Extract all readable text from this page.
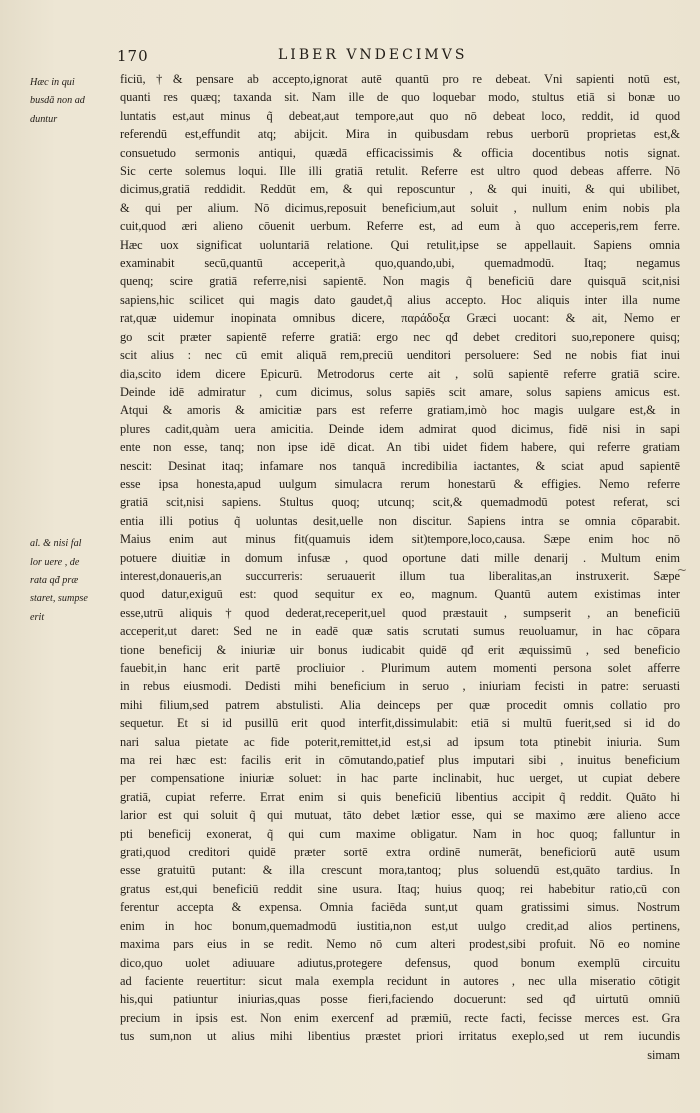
170	LIBER VNDECIMVS
Hæc in qui
busdā non ad
duntur
al. & nisi fal
lor uere , de
rata qđ præ
staret, sumpse
erit
ficiū,†& pensare ab accepto,ignorat autē quantū pro re debeat. Vni sapienti notū est,
quanti res quæq; taxanda sit. Nam ille de quo loquebar modo, stultus etiā si bonæ uo
luntatis est,aut minus q̃ debeat,aut tempore,aut quo nō debeat loco, reddit, id quod
referendū est,effundit atq; abijcit. Mira in quibusdam rebus uerborū proprietas est,&
consuetudo sermonis antiqui, quædā efficacissimis & officia docentibus notis signat.
Sic certe solemus loqui. Ille illi gratiā retulit. Referre est ultro quod debeas afferre. Nō
dicimus,gratiā reddidit. Reddūt em, & qui reposcuntur , & qui inuiti, & qui ubilibet,
& qui per alium. Nō dicimus,reposuit beneficium,aut soluit , nullum enim nobis pla
cuit,quod æri alieno cōuenit uerbum. Referre est, ad eum à quo acceperis,rem ferre.
Hæc uox significat uoluntariā relatione. Qui retulit,ipse se appellauit. Sapiens omnia
examinabit secū,quantū acceperit,à quo,quando,ubi, quemadmodū. Itaq; negamus
quenq; scire gratiā referre,nisi sapientē. Non magis q̃ beneficiū dare quisquā scit,nisi
sapiens,hic scilicet qui magis dato gaudet,q̃ alius accepto. Hoc aliquis inter illa nume
rat,quæ uidemur inopinata omnibus dicere, παράδοξα Græci uocant: & ait, Nemo er
go scit præter sapientē referre gratiā: ergo nec qđ debet creditori suo,reponere quisq;
scit alius : nec cū emit aliquā rem,preciū uenditori persoluere: Sed ne nobis fiat inui
dia,scito idem dicere Epicurū. Metrodorus certe ait , solū sapientē referre gratiā scire.
Deinde idē admiratur , cum dicimus, solus sapiēs scit amare, solus sapiens amicus est.
Atqui & amoris & amicitiæ pars est referre gratiam,imò hoc magis uulgare est,& in
plures cadit,quàm uera amicitia. Deinde idem admirat quod dicimus, fidē nisi in sapi
ente non esse, tanq; non ipse idē dicat. An tibi uidet fidem habere, qui referre gratiam
nescit: Desinat itaq; infamare nos tanquā incredibilia iactantes, & sciat apud sapientē
esse ipsa honesta,apud uulgum simulacra rerum honestarū & effigies. Nemo referre
gratiā scit,nisi sapiens. Stultus quoq; utcunq; scit,& quemadmodū potest referat, sci
entia illi potius q̃ uoluntas desit,uelle non discitur. Sapiens intra se omnia cōparabit.
Maius enim aut minus fit(quamuis idem sit)tempore,loco,causa. Sæpe enim hoc nō
potuere diuitiæ in domum infusæ , quod oportune dati mille denarij . Multum enim
interest,donaueris,an succurreris: seruauerit illum tua liberalitas,an instruxerit. Sæpe
quod datur,exiguū est: quod sequitur ex eo, magnum. Quantū autem existimas inter
esse,utrū aliquis†quod dederat,receperit,uel quod præstauit , sumpserit , an beneficiū
acceperit,ut daret: Sed ne in eadē quæ satis scrutati sumus reuoluamur, in hac cōpara
tione beneficij & iniuriæ uir bonus iudicabit quidē qđ erit æquissimū , sed beneficio
fauebit,in hanc erit partē procliuior . Plurimum autem momenti persona solet afferre
in rebus eiusmodi. Dedisti mihi beneficium in seruo , iniuriam fecisti in patre: seruasti
mihi filium,sed patrem abstulisti. Alia deinceps per quæ procedit omnis collatio pro
sequetur. Et si id pusillū erit quod interfit,dissimulabit: etiā si multū fuerit,sed si id do
nari salua pietate ac fide poterit,remittet,id est,si ad ipsum tota ptinebit iniuria. Sum
ma rei hæc est: facilis erit in cōmutando,patief plus imputari sibi , inuitus beneficium
per compensatione iniuriæ soluet: in hac parte inclinabit, huc uerget, ut cupiat debere
gratiā, cupiat referre. Errat enim si quis beneficiū libentius accipit q̃ reddit. Quāto hi
larior est qui soluit q̃ qui mutuat, tāto debet lætior esse, qui se maximo ære alieno acce
pti beneficij exonerat, q̃ qui cum maxime obligatur. Nam in hoc quoq; falluntur in
grati,quod creditori quidē præter sortē extra ordinē numerāt, beneficiorū autē usum
esse gratuitū putant: & illa crescunt mora,tantoq; plus soluendū est,quāto tardius. In
gratus est,qui beneficiū reddit sine usura. Itaq; huius quoq; rei habebitur ratio,cū con
ferentur accepta & expensa. Omnia faciēda sunt,ut quam gratissimi simus. Nostrum
enim in hoc bonum,quemadmodū iustitia,non est,ut uulgo credit,ad alios pertinens,
maxima pars eius in se redit. Nemo nō cum alteri prodest,sibi profuit. Nō eo nomine
dico,quo uolet adiuuare adiutus,protegere defensus, quod bonum exemplū circuitu
ad faciente reuertitur: sicut mala exempla recidunt in autores , nec ulla miseratio cōtigit
his,qui patiuntur iniurias,quas posse fieri,faciendo docuerunt: sed qđ uirtutū omniū
precium in ipsis est. Non enim exercenf ad præmiū, recte facti, fecisse merces est. Gra
tus sum,non ut alius mihi libentius præstet priori irritatus exeplo,sed ut rem iucundis
simam
~
